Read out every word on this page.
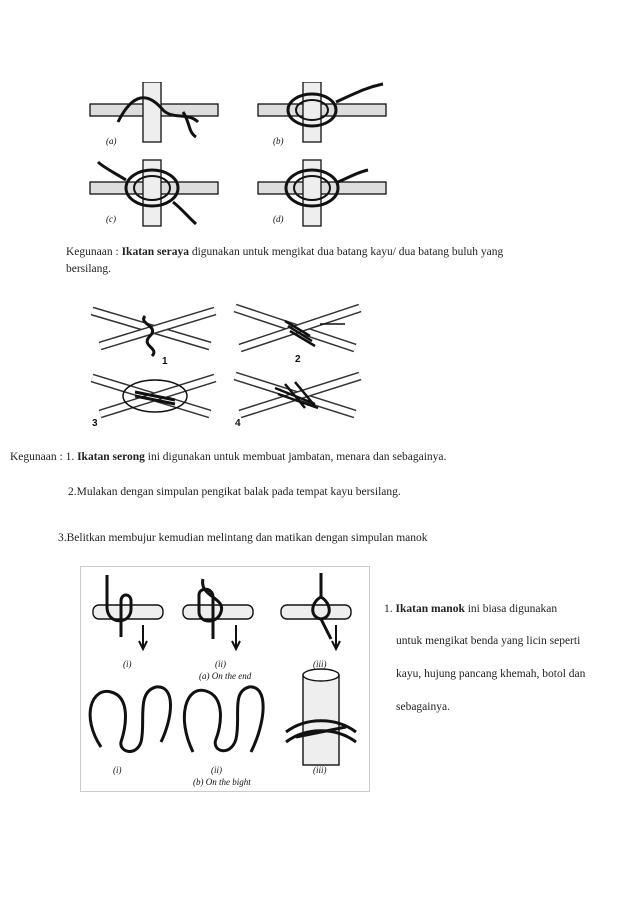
(a)	(b)
(c)	(d)
Kegunaan : Ikatan seraya digunakan untuk mengikat dua batang kayu/ dua batang buluh yang
bersilang.
1	2
3	4
Kegunaan : 1. Ikatan serong ini digunakan untuk membuat jambatan, menara dan sebagainya.
2.Mulakan dengan simpulan pengikat balak pada tempat kayu bersilang.
3.Belitkan membujur kemudian melintang dan matikan dengan simpulan manok
(i)	(ii)	(iii)
(a) On the end
(i)	(ii)	(iii)
(b) On the bight
1. Ikatan manok ini biasa digunakan
untuk mengikat benda yang licin seperti
kayu, hujung pancang khemah, botol dan
sebagainya.
